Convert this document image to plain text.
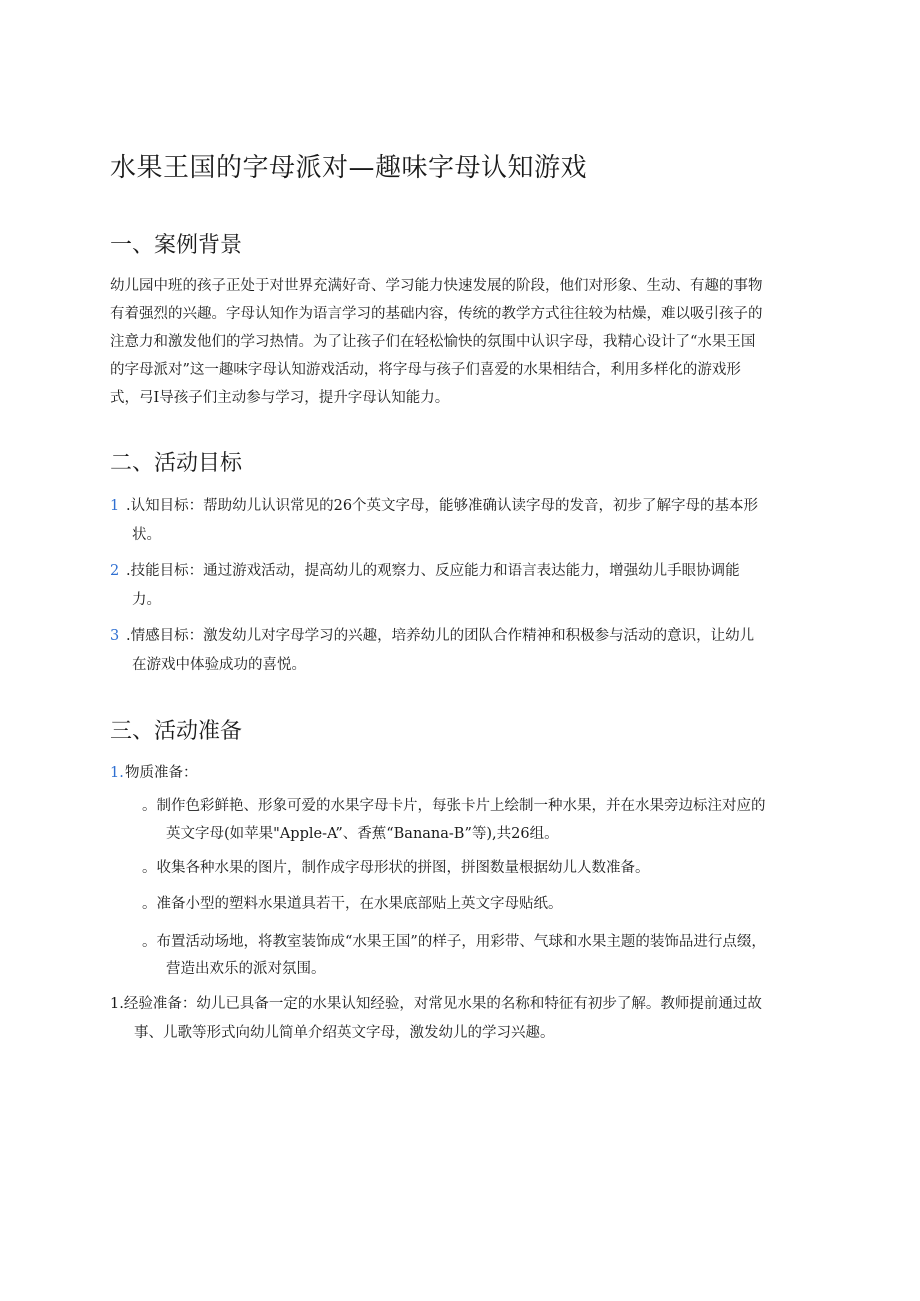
水果王国的字母派对—趣味字母认知游戏
一、案例背景

幼儿园中班的孩子正处于对世界充满好奇、学习能力快速发展的阶段，他们对形象、生动、有趣的事物

有着强烈的兴趣。字母认知作为语言学习的基础内容，传统的教学方式往往较为枯燥，难以吸引孩子的

注意力和激发他们的学习热情。为了让孩子们在轻松愉快的氛围中认识字母，我精心设计了“水果王国

的字母派对”这一趣味字母认知游戏活动，将字母与孩子们喜爱的水果相结合，利用多样化的游戏形

式，弓I导孩子们主动参与学习，提升字母认知能力。

二、活动目标
1 .认知目标：帮助幼儿认识常见的26个英文字母，能够准确认读字母的发音，初步了解字母的基本形
状。
2 .技能目标：通过游戏活动，提高幼儿的观察力、反应能力和语言表达能力，增强幼儿手眼协调能
力。
3 .情感目标：激发幼儿对字母学习的兴趣，培养幼儿的团队合作精神和积极参与活动的意识，让幼儿
在游戏中体验成功的喜悦。
三、活动准备
1. 物质准备：
。制作色彩鲜艳、形象可爱的水果字母卡片，每张卡片上绘制一种水果，并在水果旁边标注对应的
英文字母(如苹果"Apple-A”、香蕉“Banana-B”等),共26组。
。收集各种水果的图片，制作成字母形状的拼图，拼图数量根据幼儿人数准备。
。准备小型的塑料水果道具若干，在水果底部贴上英文字母贴纸。
。布置活动场地，将教室装饰成“水果王国”的样子，用彩带、气球和水果主题的装饰品进行点缀，
营造出欢乐的派对氛围。
1.经验准备：幼儿已具备一定的水果认知经验，对常见水果的名称和特征有初步了解。教师提前通过故
事、儿歌等形式向幼儿简单介绍英文字母，激发幼儿的学习兴趣。
